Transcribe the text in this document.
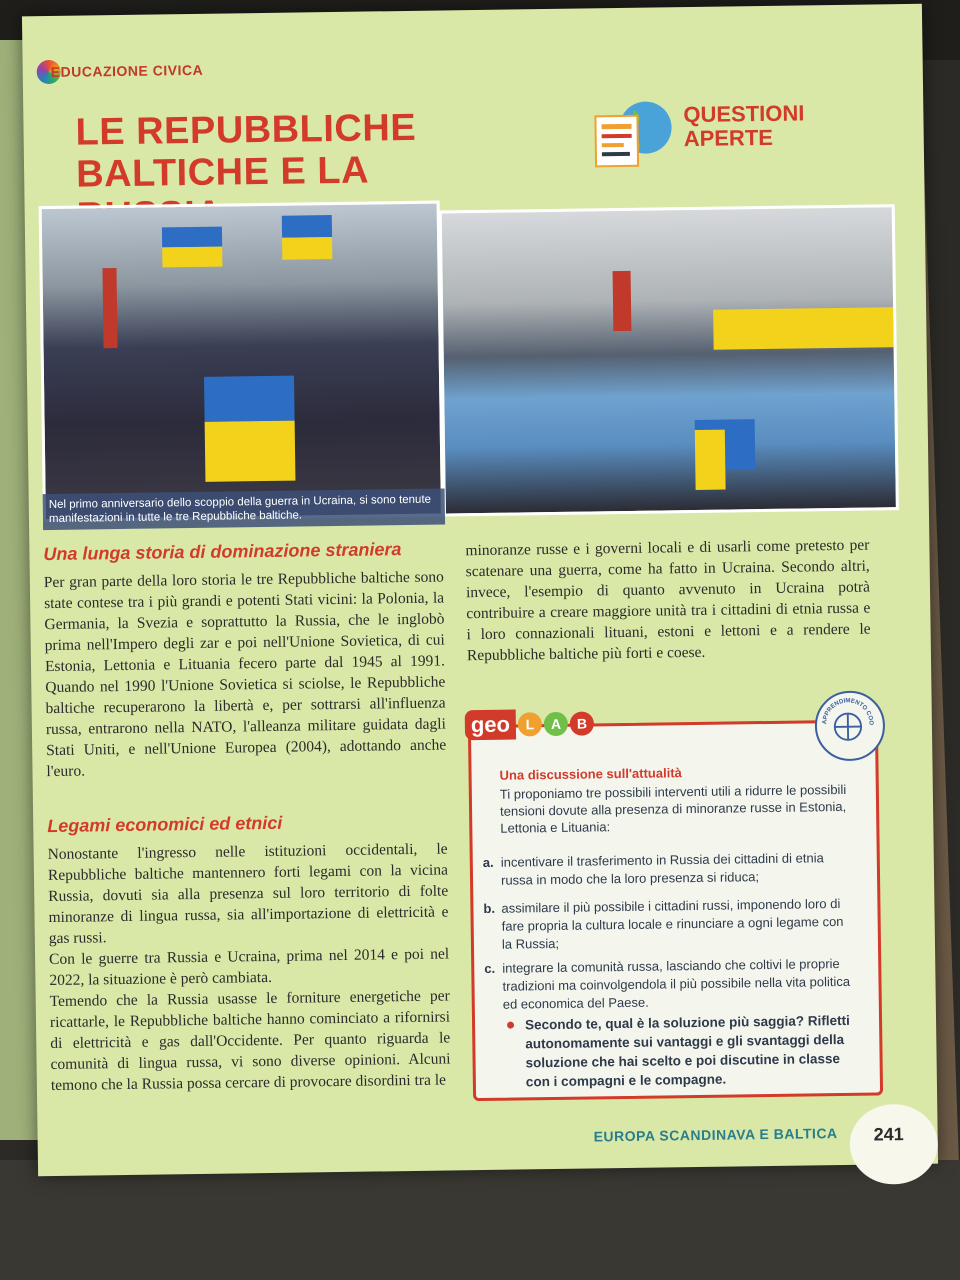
EDUCAZIONE CIVICA
LE REPUBBLICHE BALTICHE E LA
QUESTIONI APERTE
Nel primo anniversario dello scoppio della guerra in Ucraina, si sono tenute manifestazioni in tutte le tre Repubbliche baltiche.
Una lunga storia di dominazione straniera

Per gran parte della loro storia le tre Repubbliche baltiche sono state contese tra i più grandi e potenti Stati vicini: la Polonia, la Germania, la Svezia e soprattutto la Russia, che le inglobò prima nell'Impero degli zar e poi nell'Unione Sovietica, di cui Estonia, Lettonia e Lituania fecero parte dal 1945 al 1991. Quando nel 1990 l'Unione Sovietica si sciolse, le Repubbliche baltiche recuperarono la libertà e, per sottrarsi all'influenza russa, entrarono nella NATO, l'alleanza militare guidata dagli Stati Uniti, e nell'Unione Europea (2004), adottando anche l'euro.

Legami economici ed etnici

Nonostante l'ingresso nelle istituzioni occidentali, le Repubbliche baltiche mantennero forti legami con la vicina Russia, dovuti sia alla presenza sul loro territorio di folte minoranze di lingua russa, sia all'importazione di elettricità e gas russi.

Con le guerre tra Russia e Ucraina, prima nel 2014 e poi nel 2022, la situazione è però cambiata.

Temendo che la Russia usasse le forniture energetiche per ricattarle, le Repubbliche baltiche hanno cominciato a rifornirsi di elettricità e gas dall'Occidente. Per quanto riguarda le comunità di lingua russa, vi sono diverse opinioni. Alcuni temono che la Russia possa cercare di provocare disordini tra le

minoranze russe e i governi locali e di usarli come pretesto per scatenare una guerra, come ha fatto in Ucraina. Secondo altri, invece, l'esempio di quanto avvenuto in Ucraina potrà contribuire a creare maggiore unità tra i cittadini di etnia russa e i loro connazionali lituani, estoni e lettoni e a rendere le Repubbliche baltiche più forti e coese.

geo	L	A	B	APPRENDIMENTO COOPERATIVO
Una discussione sull'attualità
Ti proponiamo tre possibili interventi utili a ridurre le possibili tensioni dovute alla presenza di minoranze russe in Estonia, Lettonia e Lituania:
a. incentivare il trasferimento in Russia dei cittadini di etnia russa in modo che la loro presenza si riduca;
b. assimilare il più possibile i cittadini russi, imponendo loro di fare propria la cultura locale e rinunciare a ogni legame con la Russia;
c. integrare la comunità russa, lasciando che coltivi le proprie tradizioni ma coinvolgendola il più possibile nella vita politica ed economica del Paese.
Secondo te, qual è la soluzione più saggia? Rifletti autonomamente sui vantaggi e gli svantaggi della soluzione che hai scelto e poi discutine in classe con i compagni e le compagne.
EUROPA SCANDINAVA E BALTICA 241
